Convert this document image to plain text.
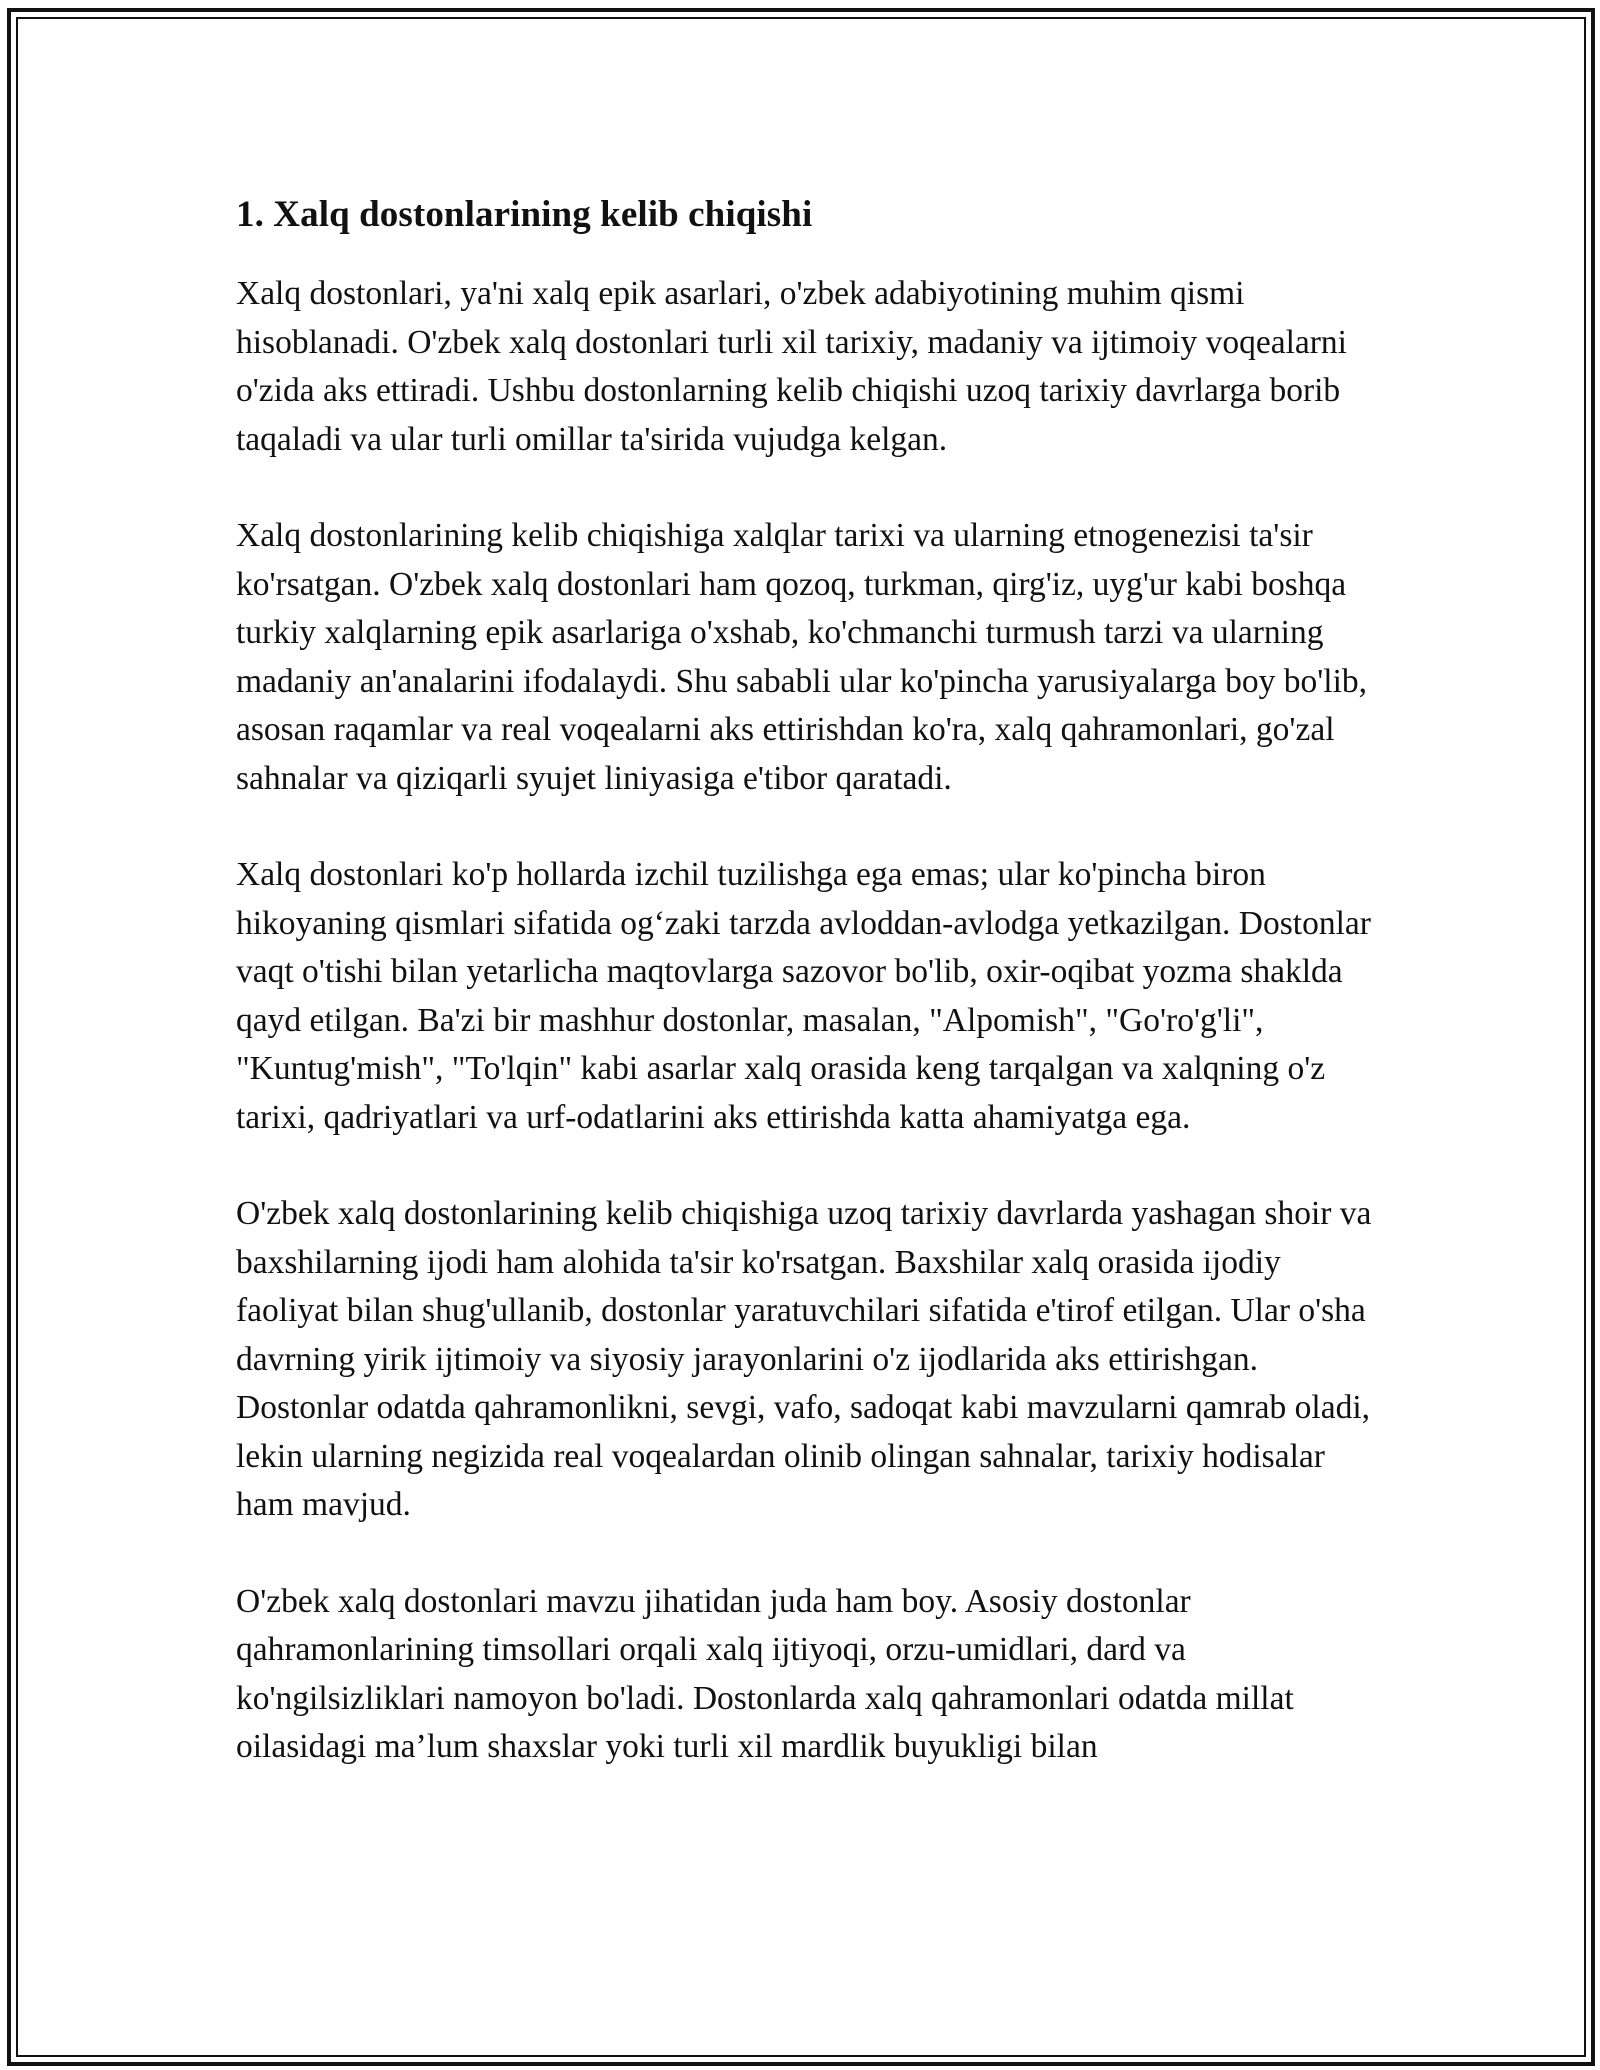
1. Xalq dostonlarining kelib chiqishi

Xalq dostonlari, ya'ni xalq epik asarlari, o'zbek adabiyotining muhim qismi hisoblanadi. O'zbek xalq dostonlari turli xil tarixiy, madaniy va ijtimoiy voqealarni o'zida aks ettiradi. Ushbu dostonlarning kelib chiqishi uzoq tarixiy davrlarga borib taqaladi va ular turli omillar ta'sirida vujudga kelgan.

Xalq dostonlarining kelib chiqishiga xalqlar tarixi va ularning etnogenezisi ta'sir ko'rsatgan. O'zbek xalq dostonlari ham qozoq, turkman, qirg'iz, uyg'ur kabi boshqa turkiy xalqlarning epik asarlariga o'xshab, ko'chmanchi turmush tarzi va ularning madaniy an'analarini ifodalaydi. Shu sababli ular ko'pincha yarusiyalarga boy bo'lib, asosan raqamlar va real voqealarni aks ettirishdan ko'ra, xalq qahramonlari, go'zal sahnalar va qiziqarli syujet liniyasiga e'tibor qaratadi.

Xalq dostonlari ko'p hollarda izchil tuzilishga ega emas; ular ko'pincha biron hikoyaning qismlari sifatida og‘zaki tarzda avloddan-avlodga yetkazilgan. Dostonlar vaqt o'tishi bilan yetarlicha maqtovlarga sazovor bo'lib, oxir-oqibat yozma shaklda qayd etilgan. Ba'zi bir mashhur dostonlar, masalan, "Alpomish", "Go'ro'g'li", "Kuntug'mish", "To'lqin" kabi asarlar xalq orasida keng tarqalgan va xalqning o'z tarixi, qadriyatlari va urf-odatlarini aks ettirishda katta ahamiyatga ega.

O'zbek xalq dostonlarining kelib chiqishiga uzoq tarixiy davrlarda yashagan shoir va baxshilarning ijodi ham alohida ta'sir ko'rsatgan. Baxshilar xalq orasida ijodiy faoliyat bilan shug'ullanib, dostonlar yaratuvchilari sifatida e'tirof etilgan. Ular o'sha davrning yirik ijtimoiy va siyosiy jarayonlarini o'z ijodlarida aks ettirishgan. Dostonlar odatda qahramonlikni, sevgi, vafo, sadoqat kabi mavzularni qamrab oladi, lekin ularning negizida real voqealardan olinib olingan sahnalar, tarixiy hodisalar ham mavjud.

O'zbek xalq dostonlari mavzu jihatidan juda ham boy. Asosiy dostonlar qahramonlarining timsollari orqali xalq ijtiyoqi, orzu-umidlari, dard va ko'ngilsizliklari namoyon bo'ladi. Dostonlarda xalq qahramonlari odatda millat oilasidagi ma’lum shaxslar yoki turli xil mardlik buyukligi bilan
